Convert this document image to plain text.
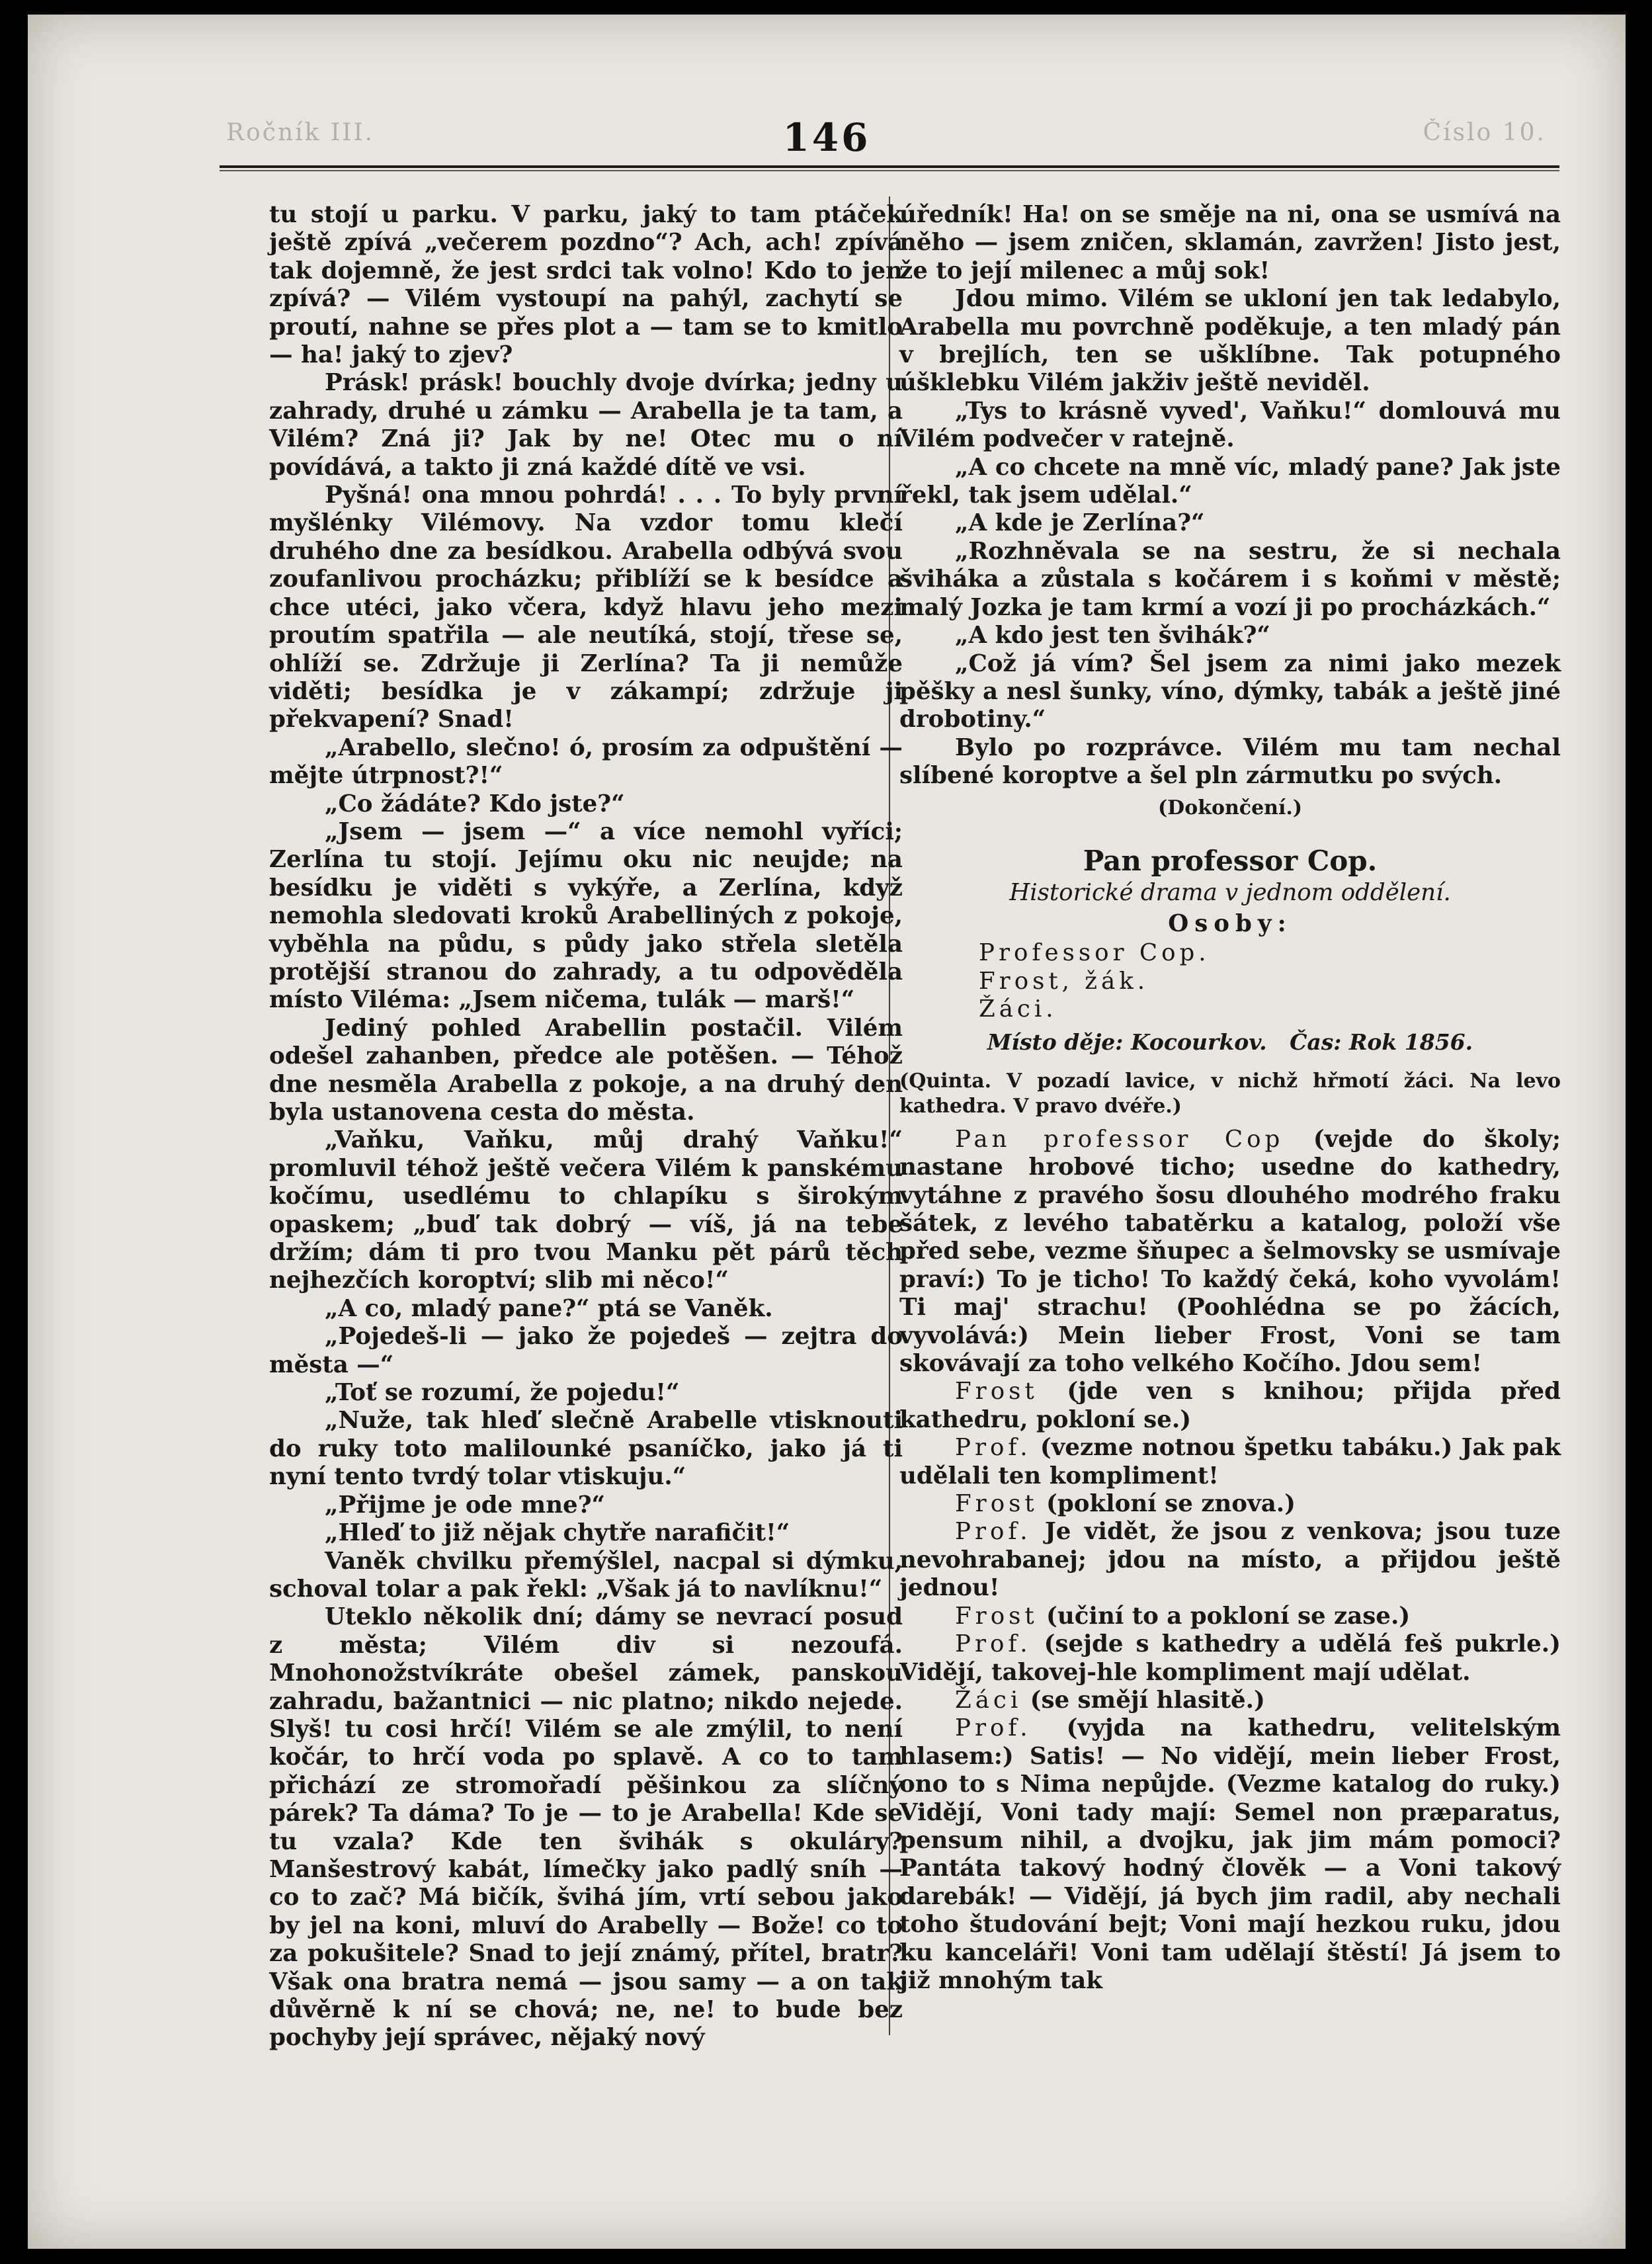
Ročník III.	146	Číslo 10.

tu stojí u parku. V parku, jaký to tam ptáček ještě zpívá „večerem pozdno“? Ach, ach! zpívá tak dojemně, že jest srdci tak volno! Kdo to jen zpívá? — Vilém vystoupí na pahýl, zachytí se proutí, nahne se přes plot a — tam se to kmitlo — ha! jaký to zjev?

Prásk! prásk! bouchly dvoje dvírka; jedny u zahrady, druhé u zámku — Arabella je ta tam, a Vilém? Zná ji? Jak by ne! Otec mu o ní povídává, a takto ji zná každé dítě ve vsi.

Pyšná! ona mnou pohrdá! . . . To byly první myšlénky Vilémovy. Na vzdor tomu klečí druhého dne za besídkou. Arabella odbývá svou zoufanlivou procházku; přiblíží se k besídce a chce utéci, jako včera, když hlavu jeho mezi proutím spatřila — ale neutíká, stojí, třese se, ohlíží se. Zdržuje ji Zerlína? Ta ji nemůže viděti; besídka je v zákampí; zdržuje ji překvapení? Snad!

„Arabello, slečno! ó, prosím za odpuštění — mějte útrpnost?!“

„Co žádáte? Kdo jste?“

„Jsem — jsem —“ a více nemohl vyříci; Zerlína tu stojí. Jejímu oku nic neujde; na besídku je viděti s vykýře, a Zerlína, když nemohla sledovati kroků Arabelliných z pokoje, vyběhla na půdu, s půdy jako střela sletěla protější stranou do zahrady, a tu odpověděla místo Viléma: „Jsem ničema, tulák — marš!“

Jediný pohled Arabellin postačil. Vilém odešel zahanben, předce ale potěšen. — Téhož dne nesměla Arabella z pokoje, a na druhý den byla ustanovena cesta do města.

„Vaňku, Vaňku, můj drahý Vaňku!“ promluvil téhož ještě večera Vilém k panskému kočímu, usedlému to chlapíku s širokým opaskem; „buď tak dobrý — víš, já na tebe držím; dám ti pro tvou Manku pět párů těch nejhezčích koroptví; slib mi něco!“

„A co, mladý pane?“ ptá se Vaněk.

„Pojedeš-li — jako že pojedeš — zejtra do města —“

„Toť se rozumí, že pojedu!“

„Nuže, tak hleď slečně Arabelle vtisknouti do ruky toto malilounké psaníčko, jako já ti nyní tento tvrdý tolar vtiskuju.“

„Přijme je ode mne?“

„Hleď to již nějak chytře narafičit!“

Vaněk chvilku přemýšlel, nacpal si dýmku, schoval tolar a pak řekl: „Však já to navlíknu!“

Uteklo několik dní; dámy se nevrací posud z města; Vilém div si nezoufá. Mnohonožstvíkráte obešel zámek, panskou zahradu, bažantnici — nic platno; nikdo nejede. Slyš! tu cosi hrčí! Vilém se ale zmýlil, to není kočár, to hrčí voda po splavě. A co to tam přichází ze stromořadí pěšinkou za slíčný párek? Ta dáma? To je — to je Arabella! Kde se tu vzala? Kde ten švihák s okuláry? Manšestrový kabát, límečky jako padlý sníh — co to zač? Má bičík, švihá jím, vrtí sebou jako by jel na koni, mluví do Arabelly — Bože! co to za pokušitele? Snad to její známý, přítel, bratr? Však ona bratra nemá — jsou samy — a on tak důvěrně k ní se chová; ne, ne! to bude bez pochyby její správec, nějaký nový

úředník! Ha! on se směje na ni, ona se usmívá na něho — jsem zničen, sklamán, zavržen! Jisto jest, že to její milenec a můj sok!

Jdou mimo. Vilém se ukloní jen tak ledabylo, Arabella mu povrchně poděkuje, a ten mladý pán v brejlích, ten se ušklíbne. Tak potupného úšklebku Vilém jakživ ještě neviděl.

„Tys to krásně vyved', Vaňku!“ domlouvá mu Vilém podvečer v ratejně.

„A co chcete na mně víc, mladý pane? Jak jste řekl, tak jsem udělal.“

„A kde je Zerlína?“

„Rozhněvala se na sestru, že si nechala šviháka a zůstala s kočárem i s koňmi v městě; malý Jozka je tam krmí a vozí ji po procházkách.“

„A kdo jest ten švihák?“

„Což já vím? Šel jsem za nimi jako mezek pěšky a nesl šunky, víno, dýmky, tabák a ještě jiné drobotiny.“

Bylo po rozprávce. Vilém mu tam nechal slíbené koroptve a šel pln zármutku po svých.

(Dokončení.)

Pan professor Cop.

Historické drama v jednom oddělení.

Osoby:

Professor Cop.

Frost, žák.

Žáci.

Místo děje: Kocourkov. Čas: Rok 1856.

(Quinta. V pozadí lavice, v nichž hřmotí žáci. Na levo kathedra. V pravo dvéře.)

Pan professor Cop (vejde do školy; nastane hrobové ticho; usedne do kathedry, vytáhne z pravého šosu dlouhého modrého fraku šátek, z levého tabatěrku a katalog, položí vše před sebe, vezme šňupec a šelmovsky se usmívaje praví:) To je ticho! To každý čeká, koho vyvolám! Ti maj' strachu! (Poohlédna se po žácích, vyvolává:) Mein lieber Frost, Voni se tam skovávají za toho velkého Kočího. Jdou sem!

Frost (jde ven s knihou; přijda před kathedru, pokloní se.)

Prof. (vezme notnou špetku tabáku.) Jak pak udělali ten kompliment!

Frost (pokloní se znova.)

Prof. Je vidět, že jsou z venkova; jsou tuze nevohrabanej; jdou na místo, a přijdou ještě jednou!

Frost (učiní to a pokloní se zase.)

Prof. (sejde s kathedry a udělá feš pukrle.) Vidějí, takovej-hle kompliment mají udělat.

Žáci (se smějí hlasitě.)

Prof. (vyjda na kathedru, velitelským hlasem:) Satis! — No vidějí, mein lieber Frost, ono to s Nima nepůjde. (Vezme katalog do ruky.) Vidějí, Voni tady mají: Semel non præparatus, pensum nihil, a dvojku, jak jim mám pomoci? Pantáta takový hodný člověk — a Voni takový darebák! — Vidějí, já bych jim radil, aby nechali toho študování bejt; Voni mají hezkou ruku, jdou ku kanceláři! Voni tam udělají štěstí! Já jsem to již mnohým tak
